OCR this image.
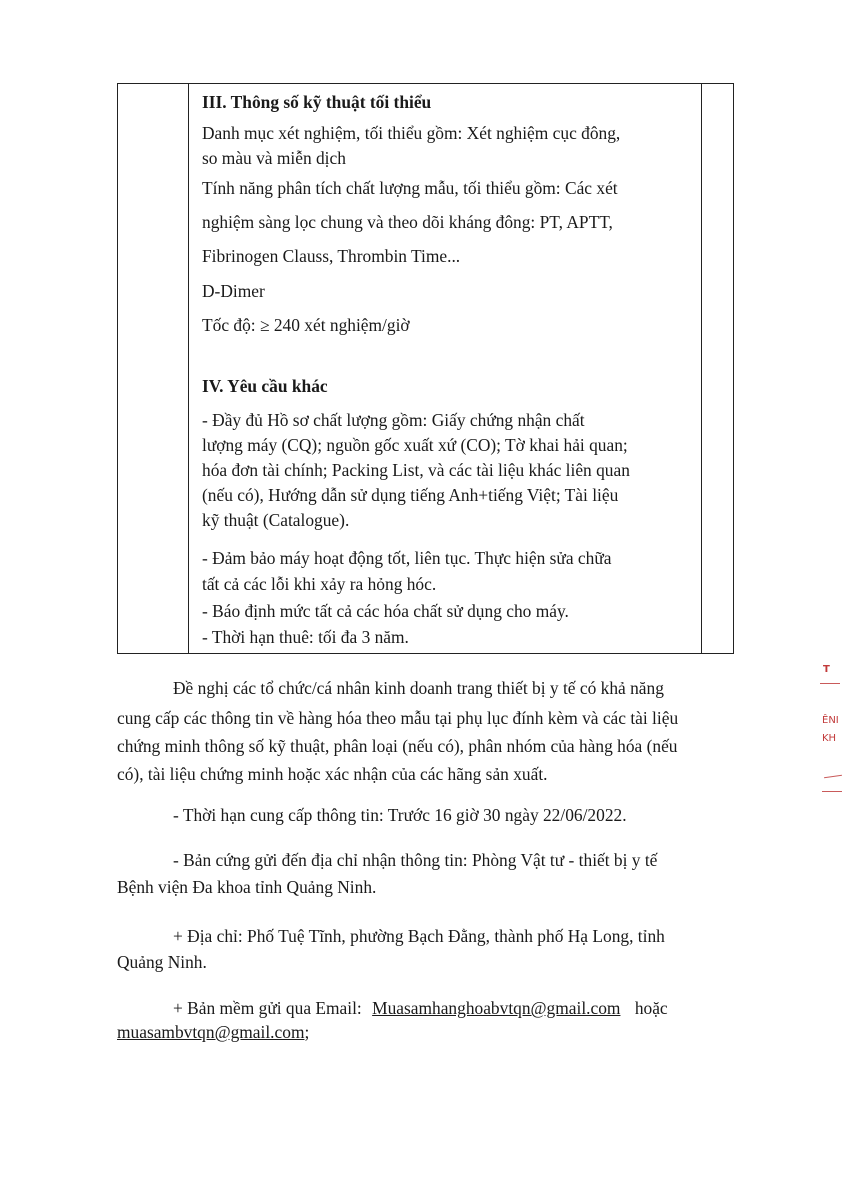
III. Thông số kỹ thuật tối thiểu
Danh mục xét nghiệm, tối thiểu gồm: Xét nghiệm cục đông,
so màu và miễn dịch
Tính năng phân tích chất lượng mẫu, tối thiểu gồm: Các xét
nghiệm sàng lọc chung và theo dõi kháng đông: PT, APTT,
Fibrinogen Clauss, Thrombin Time...
D-Dimer
Tốc độ: ≥ 240 xét nghiệm/giờ
IV. Yêu cầu khác
- Đầy đủ Hồ sơ chất lượng gồm: Giấy chứng nhận chất
lượng máy (CQ); nguồn gốc xuất xứ (CO); Tờ khai hải quan;
hóa đơn tài chính; Packing List, và các tài liệu khác liên quan
(nếu có), Hướng dẫn sử dụng tiếng Anh+tiếng Việt; Tài liệu
kỹ thuật (Catalogue).
- Đảm bảo máy hoạt động tốt, liên tục. Thực hiện sửa chữa
tất cả các lỗi khi xảy ra hỏng hóc.
- Báo định mức tất cả các hóa chất sử dụng cho máy.
- Thời hạn thuê: tối đa 3 năm.
Đề nghị các tổ chức/cá nhân kinh doanh trang thiết bị y tế có khả năng
cung cấp các thông tin về hàng hóa theo mẫu tại phụ lục đính kèm và các tài liệu
chứng minh thông số kỹ thuật, phân loại (nếu có), phân nhóm của hàng hóa (nếu
có), tài liệu chứng minh hoặc xác nhận của các hãng sản xuất.
- Thời hạn cung cấp thông tin: Trước 16 giờ 30 ngày 22/06/2022.
- Bản cứng gửi đến địa chỉ nhận thông tin: Phòng Vật tư - thiết bị y tế
Bệnh viện Đa khoa tỉnh Quảng Ninh.
+ Địa chỉ: Phố Tuệ Tĩnh, phường Bạch Đằng, thành phố Hạ Long, tỉnh
Quảng Ninh.
+ Bản mềm gửi qua Email: Muasamhanghoabvtqn@gmail.com hoặc
muasambvtqn@gmail.com;
T
ÊNI
KH
